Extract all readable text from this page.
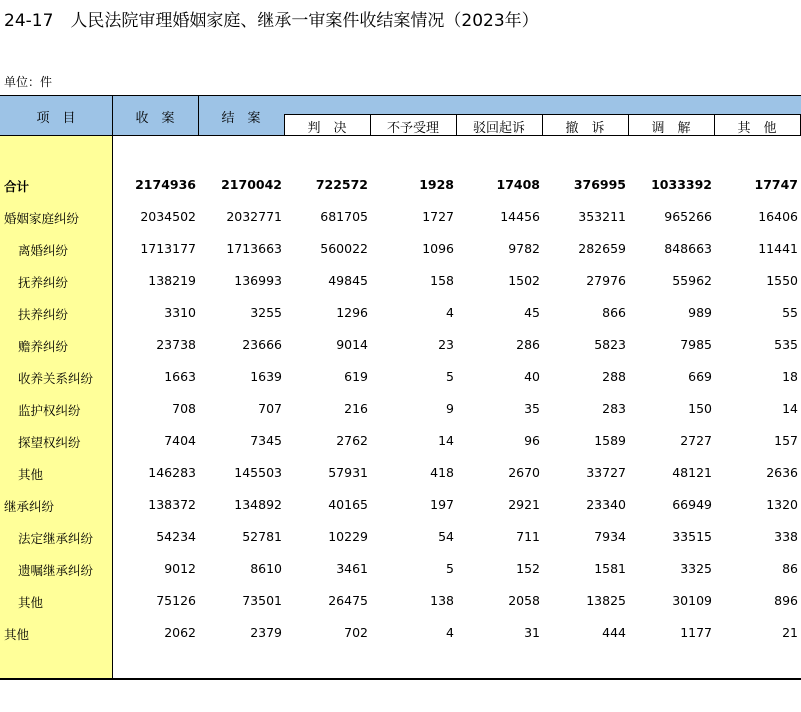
24-17　人民法院审理婚姻家庭、继承一审案件收结案情况（2023年）
单位：件
项　目	收　案	结　案
判　决	不予受理	驳回起诉	撤　诉	调　解	其　他
合计	2174936	2170042	722572	1928	17408	376995	1033392	17747
婚姻家庭纠纷	2034502	2032771	681705	1727	14456	353211	965266	16406
离婚纠纷	1713177	1713663	560022	1096	9782	282659	848663	11441
抚养纠纷	138219	136993	49845	158	1502	27976	55962	1550
扶养纠纷	3310	3255	1296	4	45	866	989	55
赡养纠纷	23738	23666	9014	23	286	5823	7985	535
收养关系纠纷	1663	1639	619	5	40	288	669	18
监护权纠纷	708	707	216	9	35	283	150	14
探望权纠纷	7404	7345	2762	14	96	1589	2727	157
其他	146283	145503	57931	418	2670	33727	48121	2636
继承纠纷	138372	134892	40165	197	2921	23340	66949	1320
法定继承纠纷	54234	52781	10229	54	711	7934	33515	338
遗嘱继承纠纷	9012	8610	3461	5	152	1581	3325	86
其他	75126	73501	26475	138	2058	13825	30109	896
其他	2062	2379	702	4	31	444	1177	21
